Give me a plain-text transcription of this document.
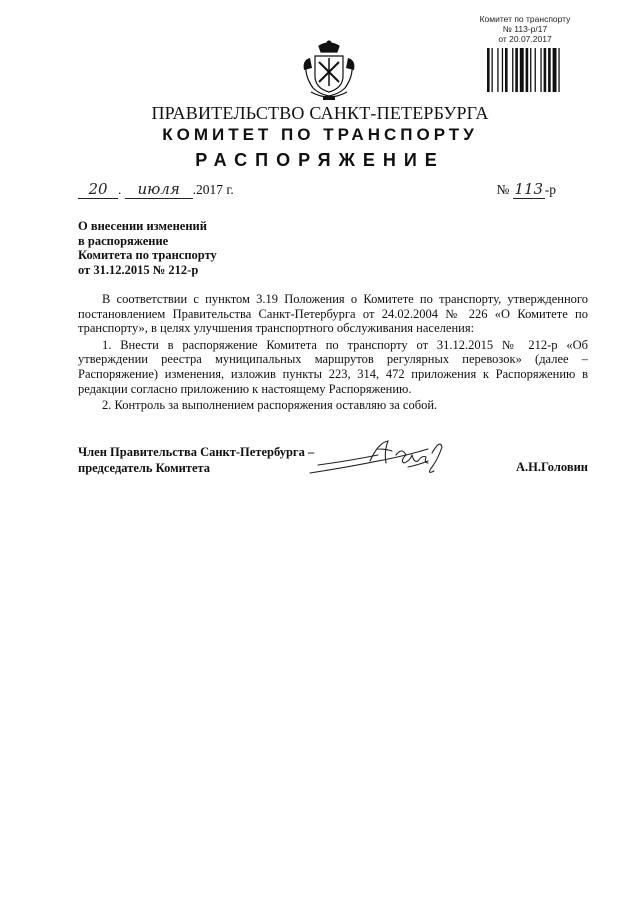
Комитет по транспорту
№ 113-р/17
от 20.07.2017
ПРАВИТЕЛЬСТВО САНКТ-ПЕТЕРБУРГА
КОМИТЕТ ПО ТРАНСПОРТУ
РАСПОРЯЖЕНИЕ
20 . июля .2017 г.	№ 113 -р
О внесении изменений
в распоряжение
Комитета по транспорту
от 31.12.2015 № 212-р

В соответствии с пунктом 3.19 Положения о Комитете по транспорту, утвержденного постановлением Правительства Санкт-Петербурга от 24.02.2004 № 226 «О Комитете по транспорту», в целях улучшения транспортного обслуживания населения:

1. Внести в распоряжение Комитета по транспорту от 31.12.2015 № 212-р «Об утверждении реестра муниципальных маршрутов регулярных перевозок» (далее – Распоряжение) изменения, изложив пункты 223, 314, 472 приложения к Распоряжению в редакции согласно приложению к настоящему Распоряжению.

2. Контроль за выполнением распоряжения оставляю за собой.

Член Правительства Санкт-Петербурга –
председатель Комитета	А.Н.Головин
